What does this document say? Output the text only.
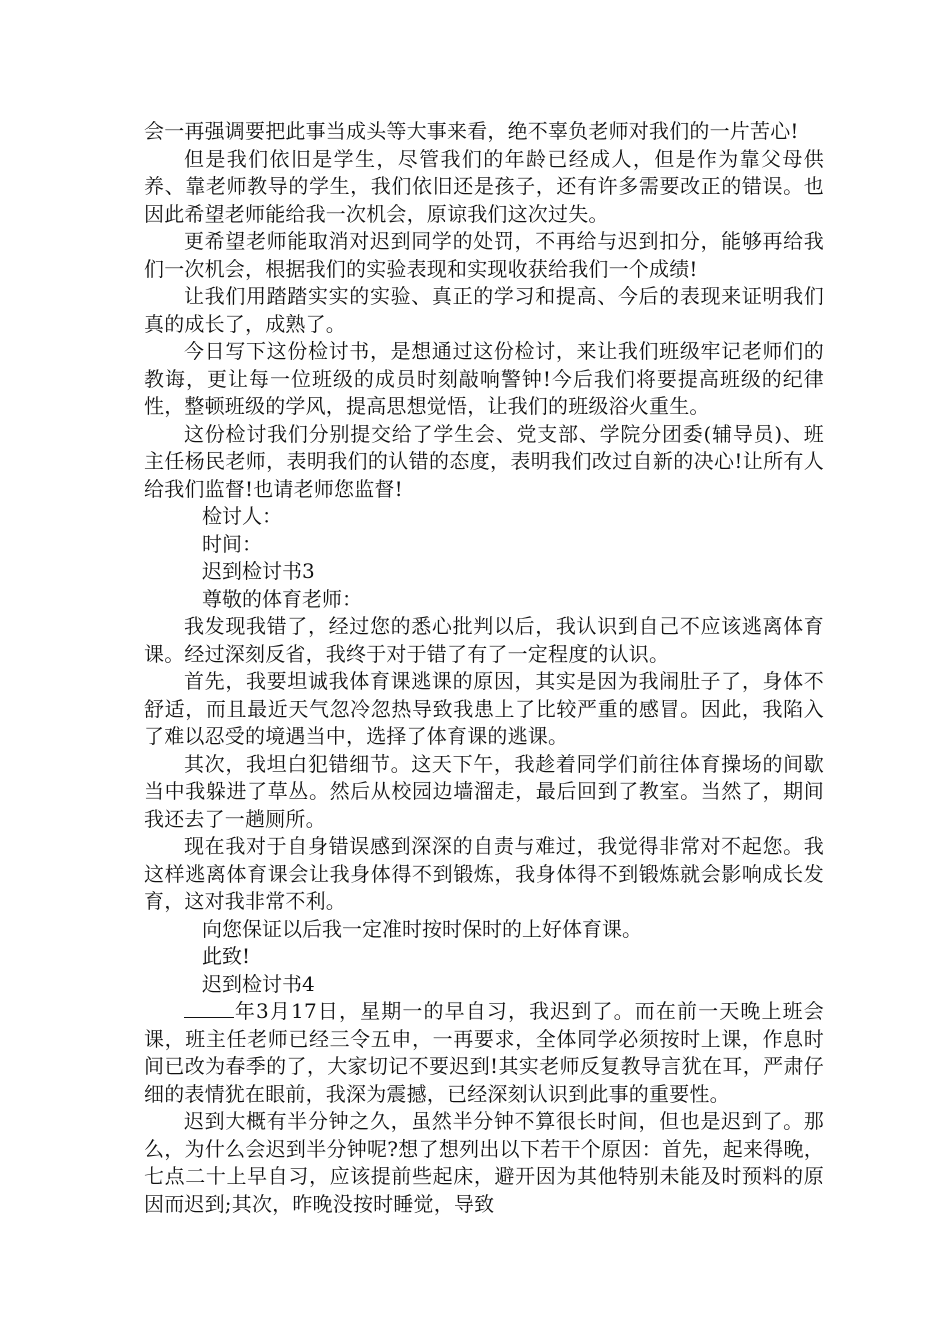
会一再强调要把此事当成头等大事来看，绝不辜负老师对我们的一片苦心!

但是我们依旧是学生，尽管我们的年龄已经成人，但是作为靠父母供养、靠老师教导的学生，我们依旧还是孩子，还有许多需要改正的错误。也因此希望老师能给我一次机会，原谅我们这次过失。

更希望老师能取消对迟到同学的处罚，不再给与迟到扣分，能够再给我们一次机会，根据我们的实验表现和实现收获给我们一个成绩!

让我们用踏踏实实的实验、真正的学习和提高、今后的表现来证明我们真的成长了，成熟了。

今日写下这份检讨书，是想通过这份检讨，来让我们班级牢记老师们的教诲，更让每一位班级的成员时刻敲响警钟!今后我们将要提高班级的纪律性，整顿班级的学风，提高思想觉悟，让我们的班级浴火重生。

这份检讨我们分别提交给了学生会、党支部、学院分团委(辅导员)、班主任杨民老师，表明我们的认错的态度，表明我们改过自新的决心!让所有人给我们监督!也请老师您监督!

检讨人：

时间：

迟到检讨书3

尊敬的体育老师：

我发现我错了，经过您的悉心批判以后，我认识到自己不应该逃离体育课。经过深刻反省，我终于对于错了有了一定程度的认识。

首先，我要坦诚我体育课逃课的原因，其实是因为我闹肚子了，身体不舒适，而且最近天气忽冷忽热导致我患上了比较严重的感冒。因此，我陷入了难以忍受的境遇当中，选择了体育课的逃课。

其次，我坦白犯错细节。这天下午，我趁着同学们前往体育操场的间歇当中我躲进了草丛。然后从校园边墙溜走，最后回到了教室。当然了，期间我还去了一趟厕所。

现在我对于自身错误感到深深的自责与难过，我觉得非常对不起您。我这样逃离体育课会让我身体得不到锻炼，我身体得不到锻炼就会影响成长发育，这对我非常不利。

向您保证以后我一定准时按时保时的上好体育课。

此致!

迟到检讨书4

年3月17日，星期一的早自习，我迟到了。而在前一天晚上班会课，班主任老师已经三令五申，一再要求，全体同学必须按时上课，作息时间已改为春季的了，大家切记不要迟到!其实老师反复教导言犹在耳，严肃仔细的表情犹在眼前，我深为震撼，已经深刻认识到此事的重要性。

迟到大概有半分钟之久，虽然半分钟不算很长时间，但也是迟到了。那么，为什么会迟到半分钟呢?想了想列出以下若干个原因：首先，起来得晚，七点二十上早自习，应该提前些起床，避开因为其他特别未能及时预料的原因而迟到;其次，昨晚没按时睡觉，导致
